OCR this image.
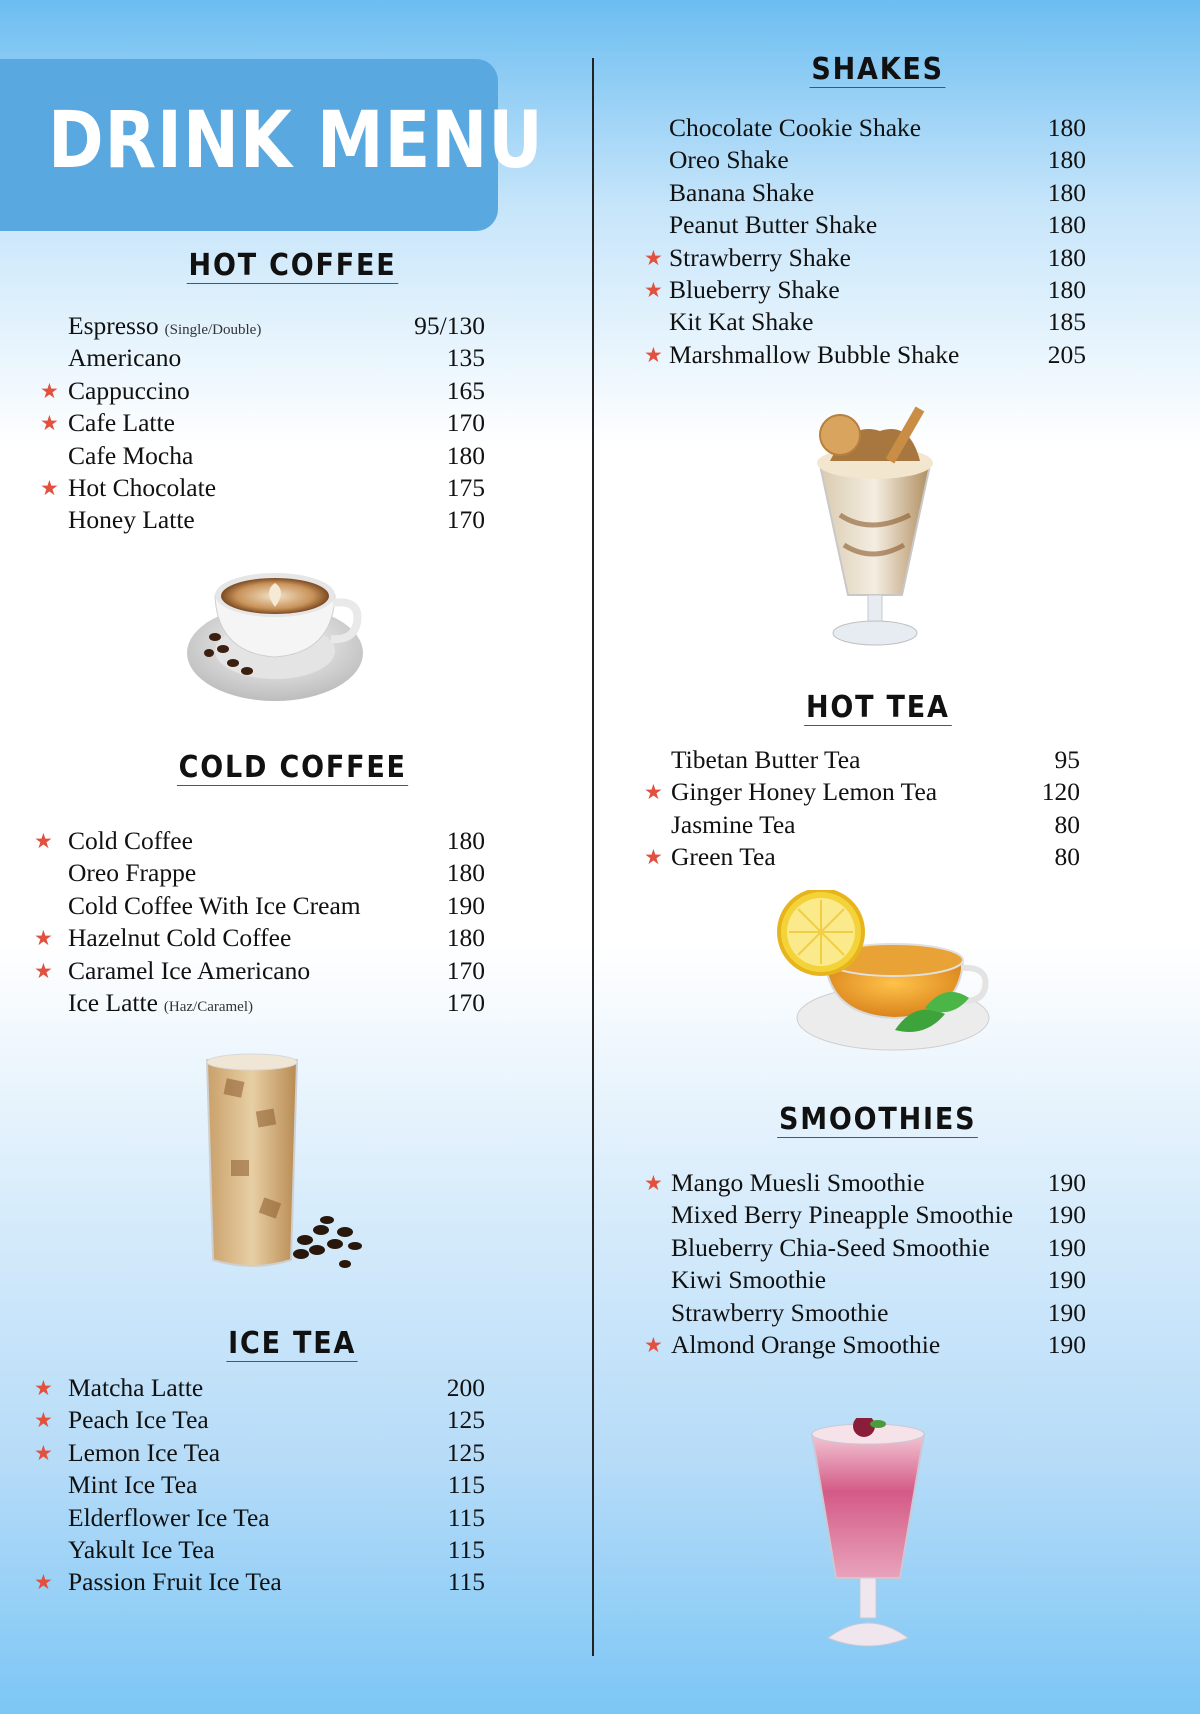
DRINK MENU
HOT COFFEE
Espresso (Single/Double)	95/130
Americano	135
★ Cappuccino	165
★ Cafe Latte	170
Cafe Mocha	180
★ Hot Chocolate	175
Honey Latte	170
COLD COFFEE
★ Cold Coffee	180
Oreo Frappe	180
Cold Coffee With Ice Cream	190
★ Hazelnut Cold Coffee	180
★ Caramel Ice Americano	170
Ice Latte (Haz/Caramel)	170
ICE TEA
★ Matcha Latte	200
★ Peach Ice Tea	125
★ Lemon Ice Tea	125
Mint Ice Tea	115
Elderflower Ice Tea	115
Yakult Ice Tea	115
★ Passion Fruit Ice Tea	115
SHAKES
Chocolate Cookie Shake	180
Oreo Shake	180
Banana Shake	180
Peanut Butter Shake	180
★ Strawberry Shake	180
★ Blueberry Shake	180
Kit Kat Shake	185
★ Marshmallow Bubble Shake	205
HOT TEA
Tibetan Butter Tea	95
★ Ginger Honey Lemon Tea	120
Jasmine Tea	80
★ Green Tea	80
SMOOTHIES
★ Mango Muesli Smoothie	190
Mixed Berry Pineapple Smoothie 190
Blueberry Chia-Seed Smoothie 190
Kiwi Smoothie	190
Strawberry Smoothie	190
★ Almond Orange Smoothie	190
